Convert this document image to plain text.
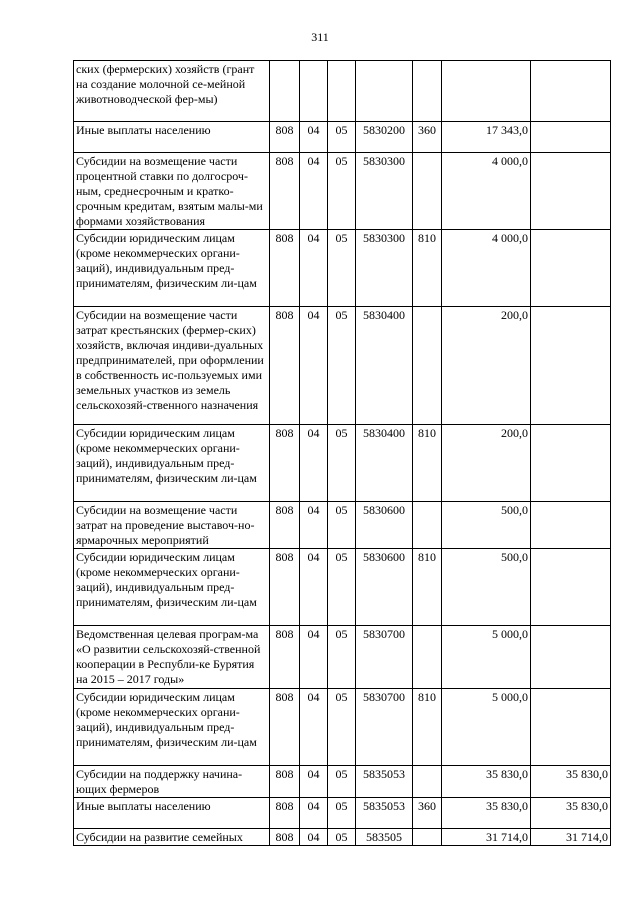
311
ских (фермерских) хозяйств (грант на создание молочной се-мейной животноводческой фер-мы)							
Иные выплаты населению	808	04	05	5830200	360	17 343,0	
Субсидии на возмещение части процентной ставки по долгосроч-ным, среднесрочным и кратко-срочным кредитам, взятым малы-ми формами хозяйствования	808	04	05	5830300		4 000,0	
Субсидии юридическим лицам (кроме некоммерческих органи-заций), индивидуальным пред-принимателям, физическим ли-цам	808	04	05	5830300	810	4 000,0	
Субсидии на возмещение части затрат крестьянских (фермер-ских) хозяйств, включая индиви-дуальных предпринимателей, при оформлении в собственность ис-пользуемых ими земельных участков из земель сельскохозяй-ственного назначения	808	04	05	5830400		200,0	
Субсидии юридическим лицам (кроме некоммерческих органи-заций), индивидуальным пред-принимателям, физическим ли-цам	808	04	05	5830400	810	200,0	
Субсидии на возмещение части затрат на проведение выставоч-но-ярмарочных мероприятий	808	04	05	5830600		500,0	
Субсидии юридическим лицам (кроме некоммерческих органи-заций), индивидуальным пред-принимателям, физическим ли-цам	808	04	05	5830600	810	500,0	
Ведомственная целевая програм-ма «О развитии сельскохозяй-ственной кооперации в Республи-ке Бурятия на 2015 – 2017 годы»	808	04	05	5830700		5 000,0	
Субсидии юридическим лицам (кроме некоммерческих органи-заций), индивидуальным пред-принимателям, физическим ли-цам	808	04	05	5830700	810	5 000,0	
Субсидии на поддержку начина-ющих фермеров	808	04	05	5835053		35 830,0	35 830,0
Иные выплаты населению	808	04	05	5835053	360	35 830,0	35 830,0
Субсидии на развитие семейных	808	04	05	583505		31 714,0	31 714,0
